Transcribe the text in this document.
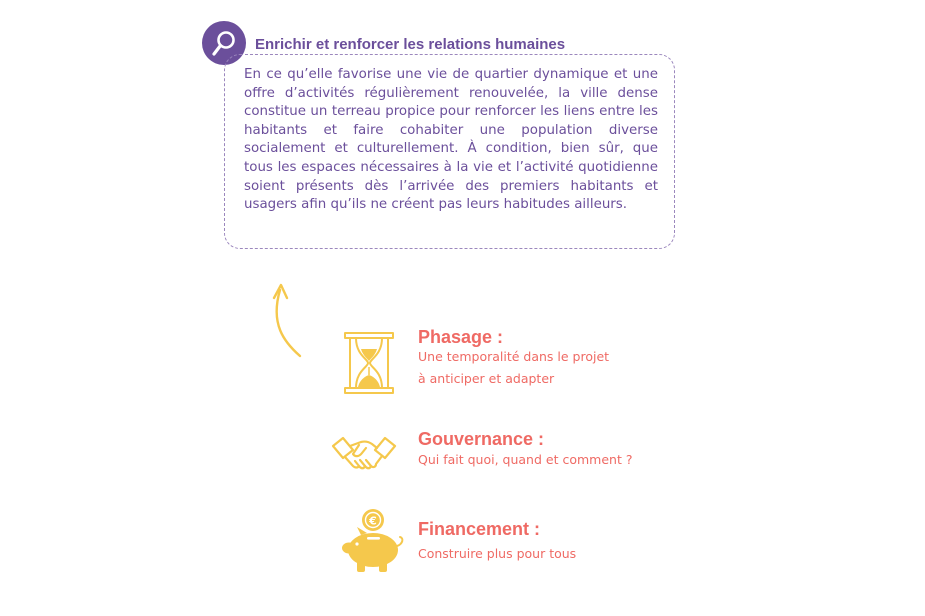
Enrichir et renforcer les relations humaines

En ce qu’elle favorise une vie de quartier dynamique et une offre d’activités régulièrement renouvelée, la ville dense constitue un terreau propice pour renforcer les liens entre les habitants et faire cohabiter une population diverse socialement et culturellement. À condition, bien sûr, que tous les espaces nécessaires à la vie et l’activité quotidienne soient présents dès l’arrivée des premiers habitants et usagers afin qu’ils ne créent pas leurs habitudes ailleurs.

Phasage :

Une temporalité dans le projet

à anticiper et adapter

Gouvernance :

Qui fait quoi, quand et comment ?

€ Financement :

Construire plus pour tous
